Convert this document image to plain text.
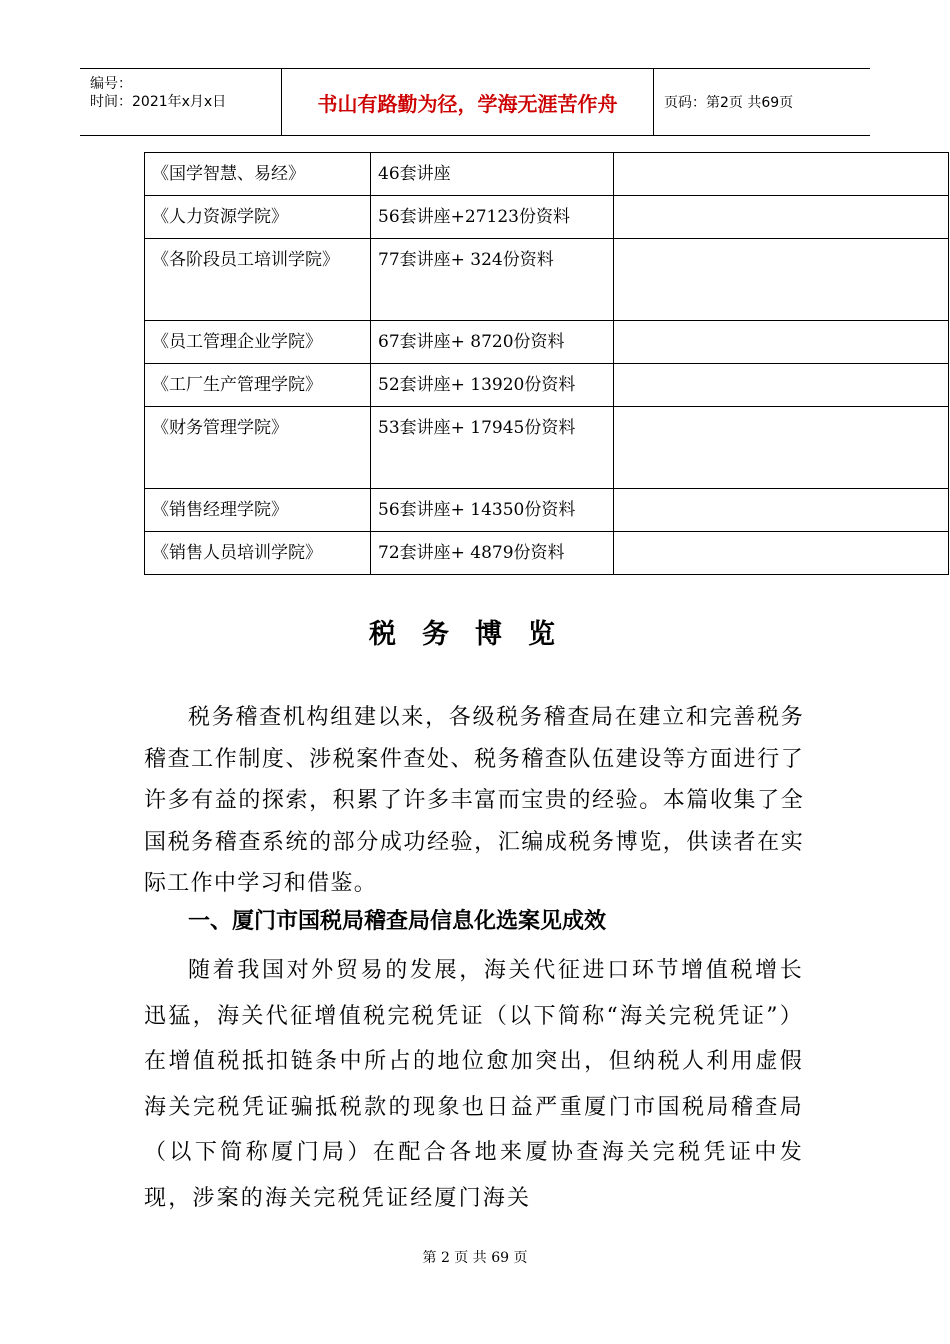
编号：
时间：2021年x月x日	书山有路勤为径，学海无涯苦作舟	页码：第2页 共69页
《国学智慧、易经》	46套讲座	
《人力资源学院》	56套讲座+27123份资料	
《各阶段员工培训学院》	77套讲座+ 324份资料	
《员工管理企业学院》	67套讲座+ 8720份资料	
《工厂生产管理学院》	52套讲座+ 13920份资料	
《财务管理学院》	53套讲座+ 17945份资料	
《销售经理学院》	56套讲座+ 14350份资料	
《销售人员培训学院》	72套讲座+ 4879份资料	
税务博览
税务稽查机构组建以来，各级税务稽查局在建立和完善税务稽查工作制度、涉税案件查处、税务稽查队伍建设等方面进行了许多有益的探索，积累了许多丰富而宝贵的经验。本篇收集了全国税务稽查系统的部分成功经验，汇编成税务博览，供读者在实际工作中学习和借鉴。
一、厦门市国税局稽查局信息化选案见成效
随着我国对外贸易的发展，海关代征进口环节增值税增长迅猛，海关代征增值税完税凭证（以下简称“海关完税凭证”）在增值税抵扣链条中所占的地位愈加突出，但纳税人利用虚假海关完税凭证骗抵税款的现象也日益严重厦门市国税局稽查局（以下简称厦门局）在配合各地来厦协查海关完税凭证中发现，涉案的海关完税凭证经厦门海关
第 2 页 共 69 页
